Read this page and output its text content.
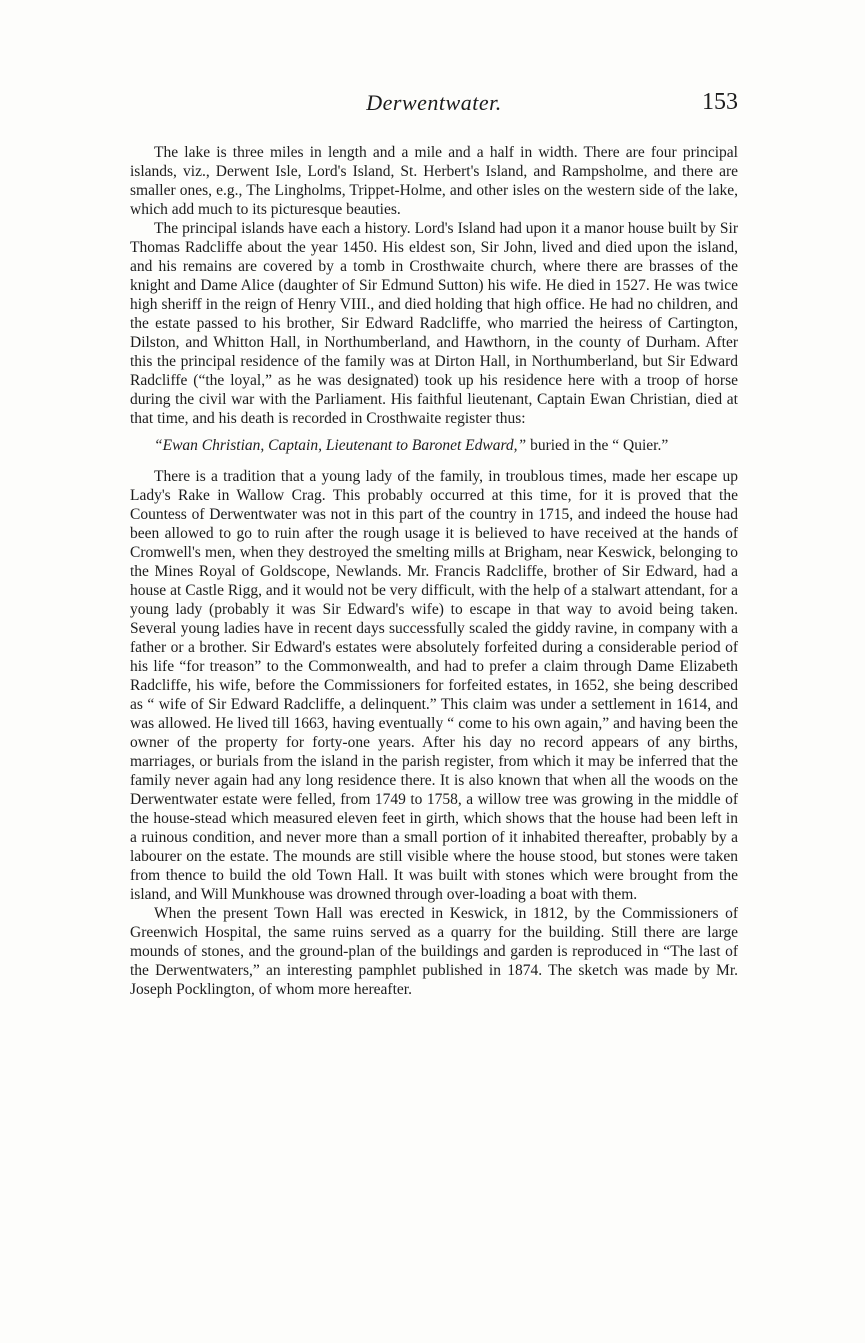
Derwentwater.	153

The lake is three miles in length and a mile and a half in width. There are four principal islands, viz., Derwent Isle, Lord's Island, St. Herbert's Island, and Rampsholme, and there are smaller ones, e.g., The Lingholms, Trippet-Holme, and other isles on the western side of the lake, which add much to its picturesque beauties.

The principal islands have each a history. Lord's Island had upon it a manor house built by Sir Thomas Radcliffe about the year 1450. His eldest son, Sir John, lived and died upon the island, and his remains are covered by a tomb in Crosthwaite church, where there are brasses of the knight and Dame Alice (daughter of Sir Edmund Sutton) his wife. He died in 1527. He was twice high sheriff in the reign of Henry VIII., and died holding that high office. He had no children, and the estate passed to his brother, Sir Edward Radcliffe, who married the heiress of Cartington, Dilston, and Whitton Hall, in Northumberland, and Hawthorn, in the county of Durham. After this the principal residence of the family was at Dirton Hall, in Northumberland, but Sir Edward Radcliffe (“the loyal,” as he was designated) took up his residence here with a troop of horse during the civil war with the Parliament. His faithful lieutenant, Captain Ewan Christian, died at that time, and his death is recorded in Crosthwaite register thus:

“Ewan Christian, Captain, Lieutenant to Baronet Edward,” buried in the “ Quier.”

There is a tradition that a young lady of the family, in troublous times, made her escape up Lady's Rake in Wallow Crag. This probably occurred at this time, for it is proved that the Countess of Derwentwater was not in this part of the country in 1715, and indeed the house had been allowed to go to ruin after the rough usage it is believed to have received at the hands of Cromwell's men, when they destroyed the smelting mills at Brigham, near Keswick, belonging to the Mines Royal of Goldscope, Newlands. Mr. Francis Radcliffe, brother of Sir Edward, had a house at Castle Rigg, and it would not be very difficult, with the help of a stalwart attendant, for a young lady (probably it was Sir Edward's wife) to escape in that way to avoid being taken. Several young ladies have in recent days successfully scaled the giddy ravine, in company with a father or a brother. Sir Edward's estates were absolutely forfeited during a considerable period of his life “for treason” to the Commonwealth, and had to prefer a claim through Dame Elizabeth Radcliffe, his wife, before the Commissioners for forfeited estates, in 1652, she being described as “ wife of Sir Edward Radcliffe, a delinquent.” This claim was under a settlement in 1614, and was allowed. He lived till 1663, having eventually “ come to his own again,” and having been the owner of the property for forty-one years. After his day no record appears of any births, marriages, or burials from the island in the parish register, from which it may be inferred that the family never again had any long residence there. It is also known that when all the woods on the Derwentwater estate were felled, from 1749 to 1758, a willow tree was growing in the middle of the house-stead which measured eleven feet in girth, which shows that the house had been left in a ruinous condition, and never more than a small portion of it inhabited thereafter, probably by a labourer on the estate. The mounds are still visible where the house stood, but stones were taken from thence to build the old Town Hall. It was built with stones which were brought from the island, and Will Munkhouse was drowned through over-loading a boat with them.

When the present Town Hall was erected in Keswick, in 1812, by the Commissioners of Greenwich Hospital, the same ruins served as a quarry for the building. Still there are large mounds of stones, and the ground-plan of the buildings and garden is reproduced in “The last of the Derwentwaters,” an interesting pamphlet published in 1874. The sketch was made by Mr. Joseph Pocklington, of whom more hereafter.
